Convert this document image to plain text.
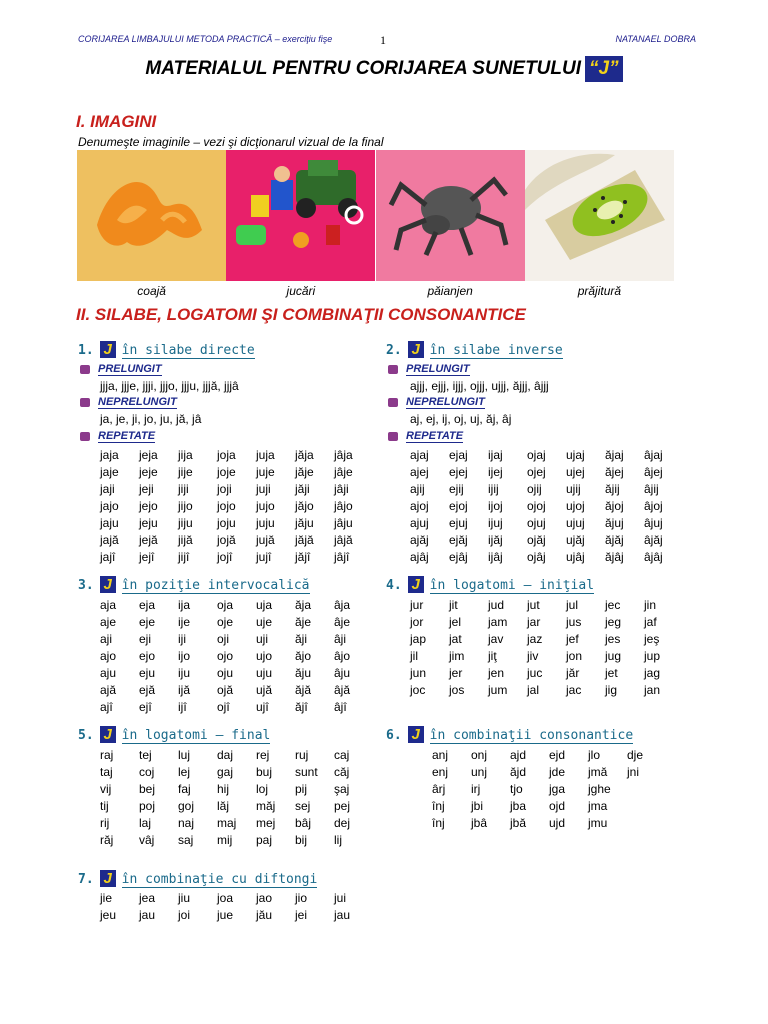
CORIJAREA LIMBAJULUI METODA PRACTICĂ – exerciţiu fişe	1	NATANAEL DOBRA
MATERIALUL PENTRU CORIJAREA SUNETULUI “J”
I. IMAGINI
Denumeşte imaginile – vezi şi dicţionarul vizual de la final
coajă	jucări	păianjen	prăjitură
II. SILABE, LOGATOMI ŞI COMBINAŢII CONSONANTICE
1. J în silabe directe
PRELUNGIT
jjja, jjje, jjji, jjjo, jjju, jjjă, jjjâ
NEPRELUNGIT
ja, je, ji, jo, ju, jă, jâ
REPETATE
jaja	jeja	jija	joja	juja	jăja	jâja
jaje	jeje	jije	joje	juje	jăje	jâje
jaji	jeji	jiji	joji	juji	jăji	jâji
jajo	jejo	jijo	jojo	jujo	jăjo	jâjo
jaju	jeju	jiju	joju	juju	jăju	jâju
jajă	jejă	jijă	jojă	jujă	jăjă	jâjă
jajî	jejî	jijî	jojî	jujî	jăjî	jâjî
2. J în silabe inverse
PRELUNGIT
ajjj, ejjj, ijjj, ojjj, ujjj, ăjjj, âjjj
NEPRELUNGIT
aj, ej, ij, oj, uj, ăj, âj
REPETATE
ajaj	ejaj	ijaj	ojaj	ujaj	ăjaj	âjaj
ajej	ejej	ijej	ojej	ujej	ăjej	âjej
ajij	ejij	ijij	ojij	ujij	ăjij	âjij
ajoj	ejoj	ijoj	ojoj	ujoj	ăjoj	âjoj
ajuj	ejuj	ijuj	ojuj	ujuj	ăjuj	âjuj
ajăj	ejăj	ijăj	ojăj	ujăj	ăjăj	âjăj
ajâj	ejâj	ijâj	ojâj	ujâj	ăjâj	âjâj
3. J în poziţie intervocalică
aja	eja	ija	oja	uja	ăja	âja
aje	eje	ije	oje	uje	ăje	âje
aji	eji	iji	oji	uji	ăji	âji
ajo	ejo	ijo	ojo	ujo	ăjo	âjo
aju	eju	iju	oju	uju	ăju	âju
ajă	ejă	ijă	ojă	ujă	ăjă	âjă
ajî	ejî	ijî	ojî	ujî	ăjî	âjî
4. J în logatomi – iniţial
jur	jit	jud	jut	jul	jec	jin
jor	jel	jam	jar	jus	jeg	jaf
jap	jat	jav	jaz	jef	jes	jeş
jil	jim	jiţ	jiv	jon	jug	jup
jun	jer	jen	juc	jăr	jet	jag
joc	jos	jum	jal	jac	jig	jan
5. J în logatomi – final
raj	tej	luj	daj	rej	ruj	caj
taj	coj	lej	gaj	buj	sunt	căj
vij	bej	faj	hij	loj	pij	şaj
tij	poj	goj	lăj	măj	sej	pej
rij	laj	naj	maj	mej	bâj	dej
răj	vâj	saj	mij	paj	bij	lij
6. J în combinaţii consonantice
anj	onj	ajd	ejd	jlo	dje
enj	unj	ăjd	jde	jmă	jni
ârj	irj	tjo	jga	jghe	
înj	jbi	jba	ojd	jma	
înj	jbâ	jbă	ujd	jmu	
7. J în combinaţie cu diftongi
jie	jea	jiu	joa	jao	jio	jui
jeu	jau	joi	jue	jău	jei	jau
